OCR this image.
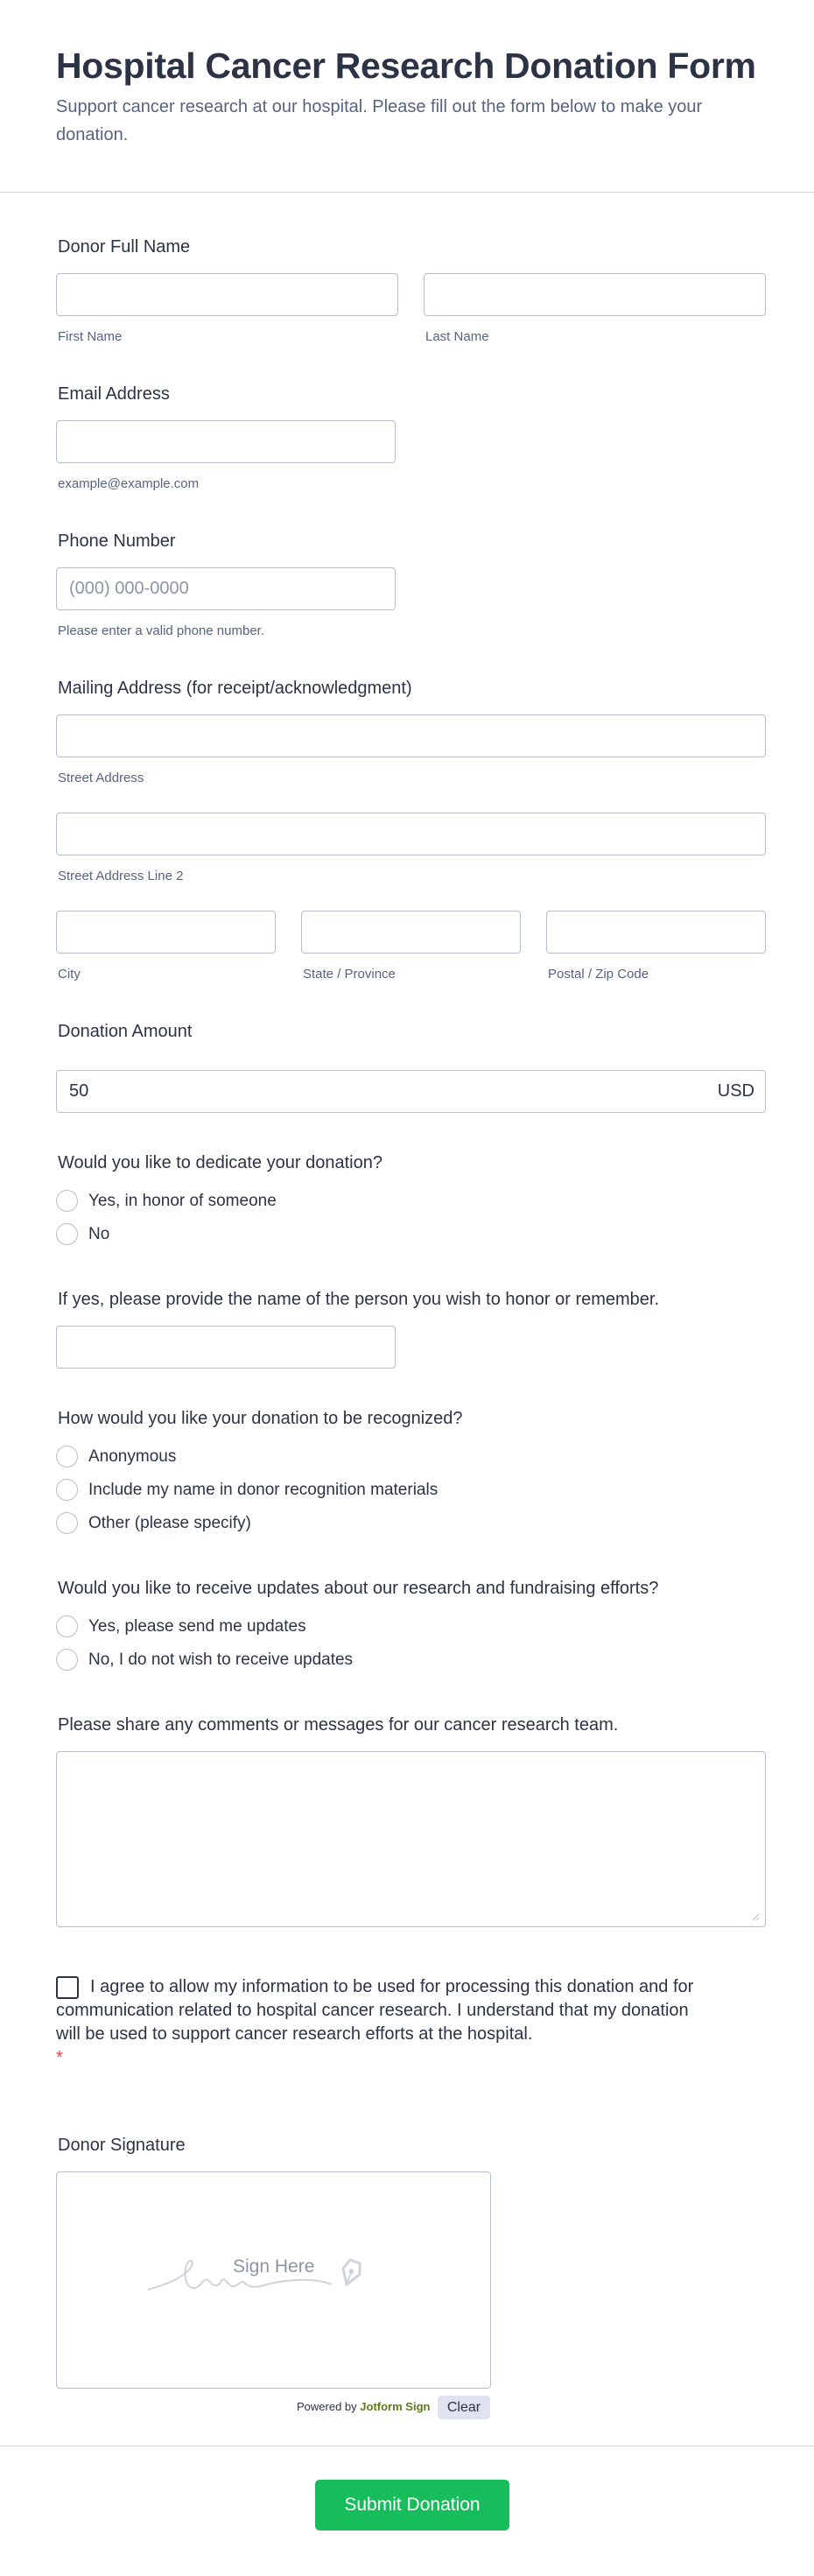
Hospital Cancer Research Donation Form

Support cancer research at our hospital. Please fill out the form below to make your donation.

Donor Full Name
First Name	Last Name
Email Address
example@example.com
Phone Number
(000) 000-0000
Please enter a valid phone number.
Mailing Address (for receipt/acknowledgment)
Street Address
Street Address Line 2
City	State / Province	Postal / Zip Code
Donation Amount
50	USD
Would you like to dedicate your donation?
Yes, in honor of someone
No
If yes, please provide the name of the person you wish to honor or remember.
How would you like your donation to be recognized?
Anonymous
Include my name in donor recognition materials
Other (please specify)
Would you like to receive updates about our research and fundraising efforts?
Yes, please send me updates
No, I do not wish to receive updates
Please share any comments or messages for our cancer research team.
I agree to allow my information to be used for processing this donation and for communication related to hospital cancer research. I understand that my donation will be used to support cancer research efforts at the hospital.
*
Donor Signature
Sign Here
Powered by Jotform Sign	Clear
Submit Donation
